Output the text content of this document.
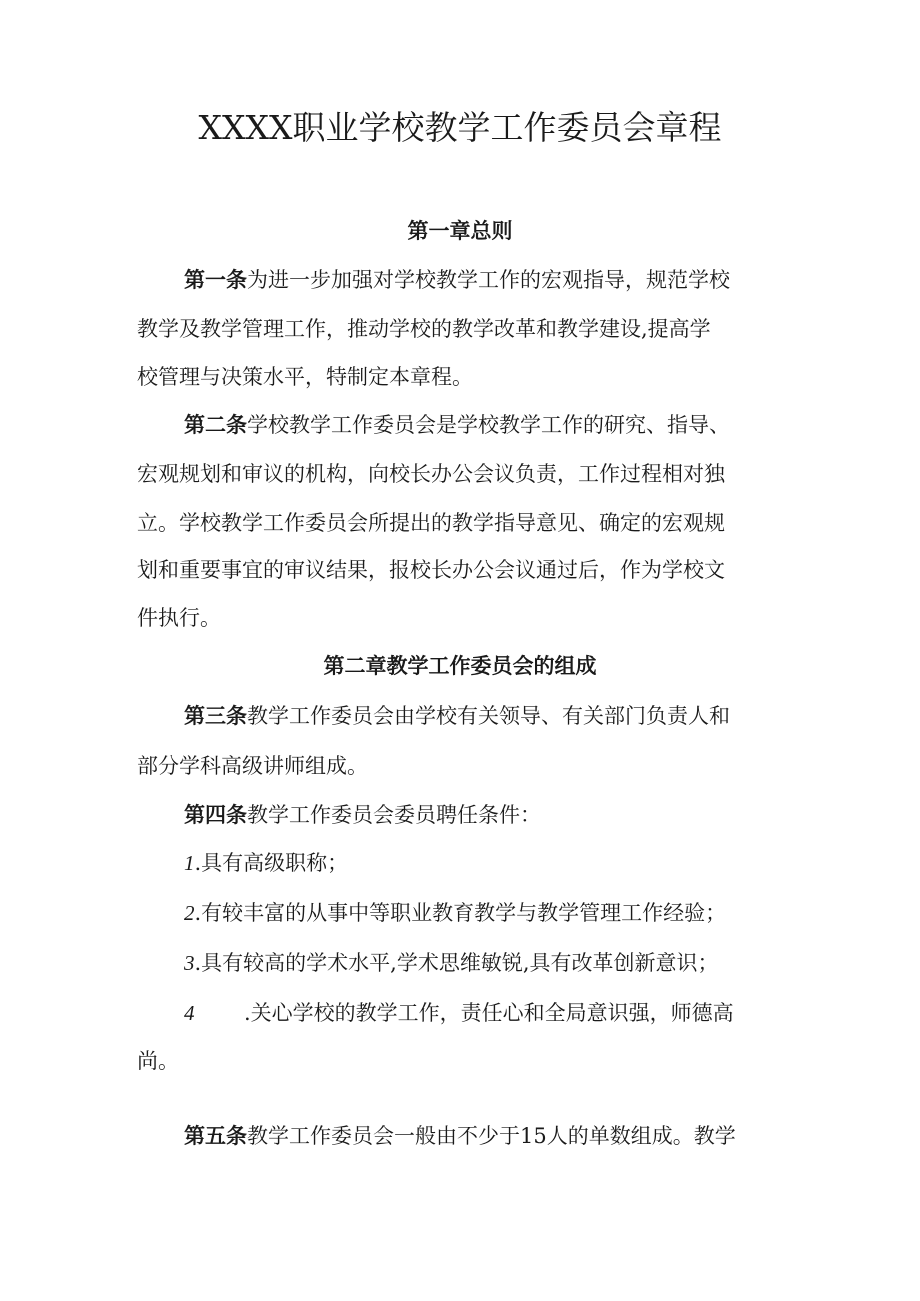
XXXX职业学校教学工作委员会章程
第一章总则
第一条为进一步加强对学校教学工作的宏观指导，规范学校
教学及教学管理工作，推动学校的教学改革和教学建设,提高学
校管理与决策水平，特制定本章程。
第二条学校教学工作委员会是学校教学工作的研究、指导、
宏观规划和审议的机构，向校长办公会议负责，工作过程相对独
立。学校教学工作委员会所提出的教学指导意见、确定的宏观规
划和重要事宜的审议结果，报校长办公会议通过后，作为学校文
件执行。
第二章教学工作委员会的组成
第三条教学工作委员会由学校有关领导、有关部门负责人和
部分学科高级讲师组成。
第四条教学工作委员会委员聘任条件：
1.具有高级职称；
2.有较丰富的从事中等职业教育教学与教学管理工作经验；
3.具有较高的学术水平,学术思维敏锐,具有改革创新意识；
4 .关心学校的教学工作，责任心和全局意识强，师德高
尚。
第五条教学工作委员会一般由不少于15人的单数组成。教学
